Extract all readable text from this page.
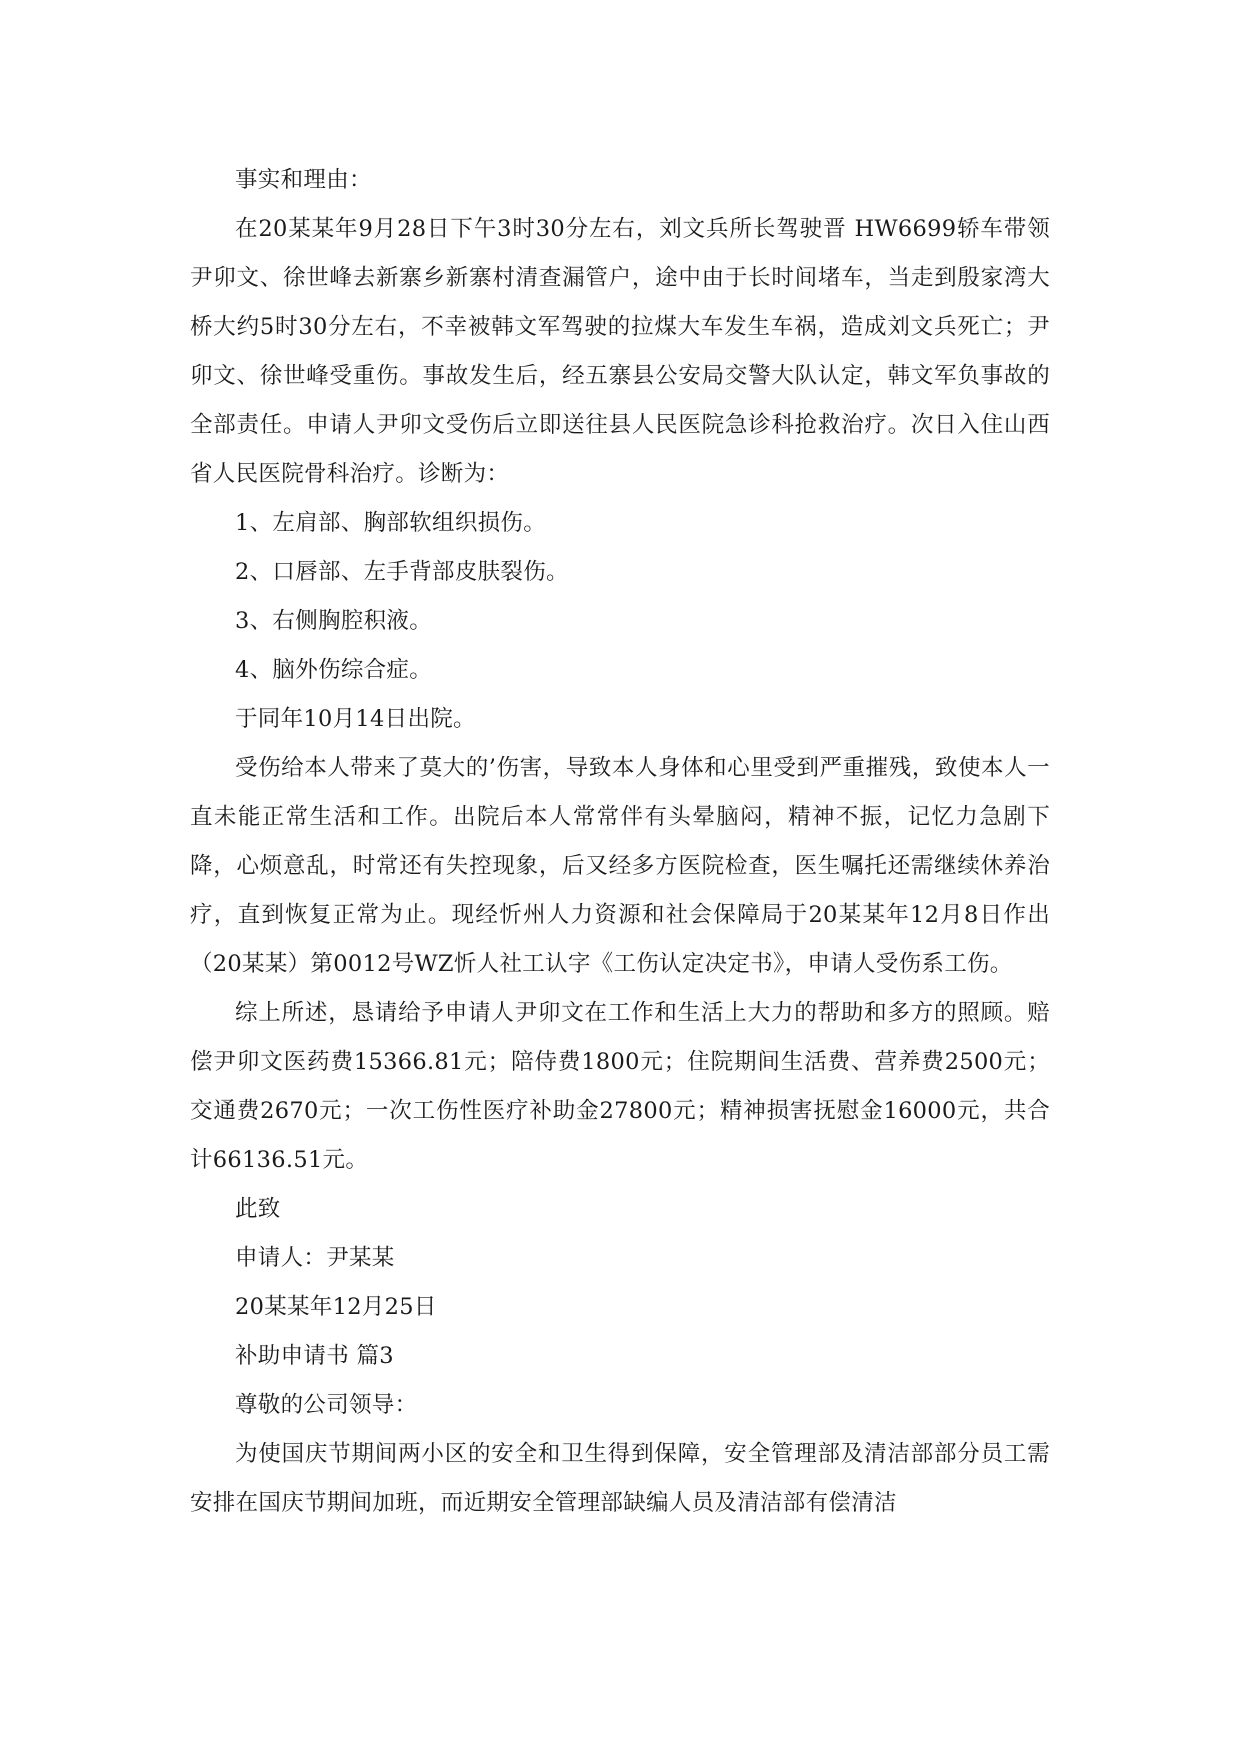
事实和理由：
在20某某年9月28日下午3时30分左右，刘文兵所长驾驶晋 HW6699轿车带领尹卯文、徐世峰去新寨乡新寨村清查漏管户，途中由于长时间堵车，当走到殷家湾大桥大约5时30分左右，不幸被韩文军驾驶的拉煤大车发生车祸，造成刘文兵死亡；尹卯文、徐世峰受重伤。事故发生后，经五寨县公安局交警大队认定，韩文军负事故的全部责任。申请人尹卯文受伤后立即送往县人民医院急诊科抢救治疗。次日入住山西省人民医院骨科治疗。诊断为：
1、左肩部、胸部软组织损伤。
2、口唇部、左手背部皮肤裂伤。
3、右侧胸腔积液。
4、脑外伤综合症。
于同年10月14日出院。
受伤给本人带来了莫大的’伤害，导致本人身体和心里受到严重摧残，致使本人一直未能正常生活和工作。出院后本人常常伴有头晕脑闷，精神不振，记忆力急剧下降，心烦意乱，时常还有失控现象，后又经多方医院检查，医生嘱托还需继续休养治疗，直到恢复正常为止。现经忻州人力资源和社会保障局于20某某年12月8日作出（20某某）第0012号WZ忻人社工认字《工伤认定决定书》，申请人受伤系工伤。
综上所述，恳请给予申请人尹卯文在工作和生活上大力的帮助和多方的照顾。赔偿尹卯文医药费15366.81元；陪侍费1800元；住院期间生活费、营养费2500元；交通费2670元；一次工伤性医疗补助金27800元；精神损害抚慰金16000元，共合计66136.51元。
此致
申请人：尹某某
20某某年12月25日
补助申请书 篇3
尊敬的公司领导：
为使国庆节期间两小区的安全和卫生得到保障，安全管理部及清洁部部分员工需安排在国庆节期间加班，而近期安全管理部缺编人员及清洁部有偿清洁
